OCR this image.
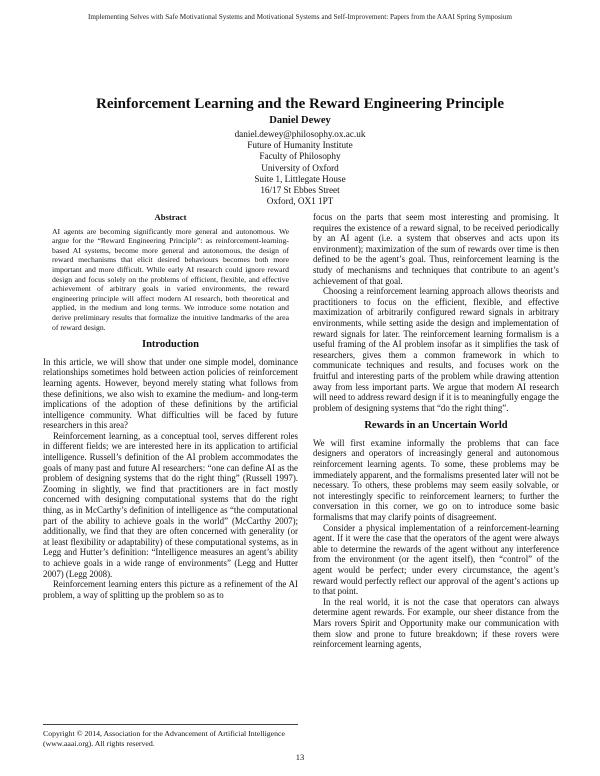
Implementing Selves with Safe Motivational Systems and Motivational Systems and Self-Improvement: Papers from the AAAI Spring Symposium
Reinforcement Learning and the Reward Engineering Principle
Daniel Dewey
daniel.dewey@philosophy.ox.ac.uk
Future of Humanity Institute
Faculty of Philosophy
University of Oxford
Suite 1, Littlegate House
16/17 St Ebbes Street
Oxford, OX1 1PT
Abstract

AI agents are becoming significantly more general and autonomous. We argue for the “Reward Engineering Principle”: as reinforcement-learning-based AI systems, become more general and autonomous, the design of reward mechanisms that elicit desired behaviours becomes both more important and more difficult. While early AI research could ignore reward design and focus solely on the problems of efficient, flexible, and effective achievement of arbitrary goals in varied environments, the reward engineering principle will affect modern AI research, both theoretical and applied, in the medium and long terms. We introduce some notation and derive preliminary results that formalize the intuitive landmarks of the area of reward design.

Introduction

In this article, we will show that under one simple model, dominance relationships sometimes hold between action policies of reinforcement learning agents. However, beyond merely stating what follows from these definitions, we also wish to examine the medium- and long-term implications of the adoption of these definitions by the artificial intelligence community. What difficulties will be faced by future researchers in this area?

Reinforcement learning, as a conceptual tool, serves different roles in different fields; we are interested here in its application to artificial intelligence. Russell’s definition of the AI problem accommodates the goals of many past and future AI researchers: “one can define AI as the problem of designing systems that do the right thing” (Russell 1997). Zooming in slightly, we find that practitioners are in fact mostly concerned with designing computational systems that do the right thing, as in McCarthy’s definition of intelligence as “the computational part of the ability to achieve goals in the world” (McCarthy 2007); additionally, we find that they are often concerned with generality (or at least flexibility or adaptability) of these computational systems, as in Legg and Hutter’s definition: “Intelligence measures an agent’s ability to achieve goals in a wide range of environments” (Legg and Hutter 2007) (Legg 2008).

Reinforcement learning enters this picture as a refinement of the AI problem, a way of splitting up the problem so as to

focus on the parts that seem most interesting and promising. It requires the existence of a reward signal, to be received periodically by an AI agent (i.e. a system that observes and acts upon its environment); maximization of the sum of rewards over time is then defined to be the agent’s goal. Thus, reinforcement learning is the study of mechanisms and techniques that contribute to an agent’s achievement of that goal.

Choosing a reinforcement learning approach allows theorists and practitioners to focus on the efficient, flexible, and effective maximization of arbitrarily configured reward signals in arbitrary environments, while setting aside the design and implementation of reward signals for later. The reinforcement learning formalism is a useful framing of the AI problem insofar as it simplifies the task of researchers, gives them a common framework in which to communicate techniques and results, and focuses work on the fruitful and interesting parts of the problem while drawing attention away from less important parts. We argue that modern AI research will need to address reward design if it is to meaningfully engage the problem of designing systems that “do the right thing”.

Rewards in an Uncertain World

We will first examine informally the problems that can face designers and operators of increasingly general and autonomous reinforcement learning agents. To some, these problems may be immediately apparent, and the formalisms presented later will not be necessary. To others, these problems may seem easily solvable, or not interestingly specific to reinforcement learners; to further the conversation in this corner, we go on to introduce some basic formalisms that may clarify points of disagreement.

Consider a physical implementation of a reinforcement-learning agent. If it were the case that the operators of the agent were always able to determine the rewards of the agent without any interference from the environment (or the agent itself), then “control” of the agent would be perfect; under every circumstance, the agent’s reward would perfectly reflect our approval of the agent’s actions up to that point.

In the real world, it is not the case that operators can always determine agent rewards. For example, our sheer distance from the Mars rovers Spirit and Opportunity make our communication with them slow and prone to future breakdown; if these rovers were reinforcement learning agents,

Copyright © 2014, Association for the Advancement of Artificial Intelligence (www.aaai.org). All rights reserved.
13
